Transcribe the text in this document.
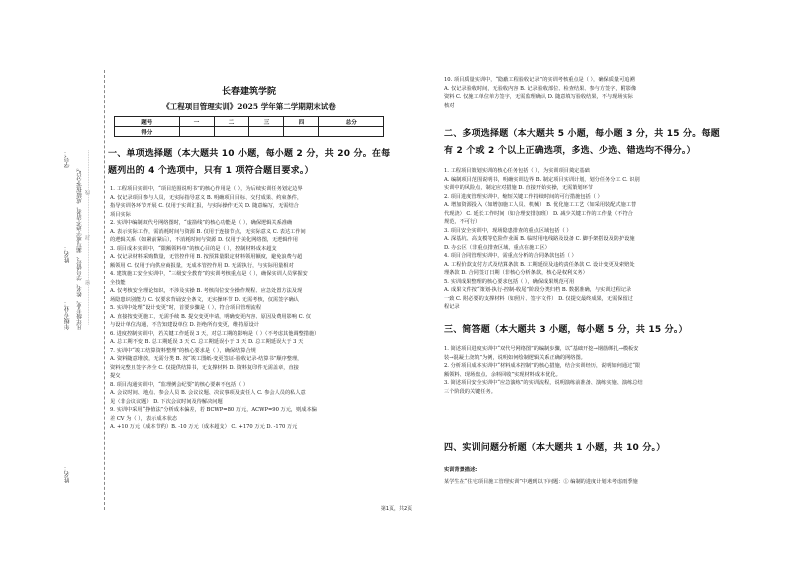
学号：
姓名： 凡年级专业、姓名、学号错写、漏写或字迹不清者，成绩按零分记。 ……………………密……………………封……………………线……………………
年级专业：
姓名：
长春建筑学院
《工程项目管理实训》2025 学年第二学期期末试卷
题号	一	二	三	四	总分
得分					
一、单项选择题（本大题共 10 小题，每小题 2 分，共 20 分。在每
题列出的 4 个选项中，只有 1 项符合题目要求。）

1. 工程项目实训中，“项目范围说明书”的核心作用是（ ），为后续实训任务划定边界

A. 仅记录项目参与人员，无实际指导意义 B. 明确项目目标、交付成果、约束条件，

指导实训各环节开展 C. 仅用于实训汇报，与实际操作无关 D. 随意编写，无需结合

项目实际

2. 实训中编制双代号网络图时，“虚箭线”的核心功能是（ ），确保逻辑关系准确

A. 表示实际工作，需消耗时间与资源 B. 仅用于连接节点，无实际意义 C. 表达工作间

的逻辑关系（如紧前紧后），不消耗时间与资源 D. 仅用于美化网络图，无逻辑作用

3. 项目成本实训中，“限额领料单”的核心目的是（ ），控制材料成本超支

A. 仅记录材料采购数量，无管控作用 B. 按预算量限定材料领用额度，避免浪费与超

额领用 C. 仅用于向供应商报量，无成本管控作用 D. 无需执行，与实际用量相对

4. 建筑施工安全实训中，“三级安全教育”的实训考核重点是（ ），确保实训人员掌握安

全技能

A. 仅考核安全理论知识，不涉及实操 B. 考核岗位安全操作规程、应急处置方法及现

场隐患识别能力 C. 仅要求背诵安全条文，无实操环节 D. 无需考核，仅需签字确认

5. 实训中处理“设计变更”时，首要步骤是（ ），符合项目管理流程

A. 直接按变更施工，无需手续 B. 提交变更申请，明确变更内容、原因及费用影响 C. 仅

与设计单位沟通，不告知建设单位 D. 拒绝所有变更，维持原设计

6. 进度控制实训中，若关键工作延误 3 天，对总工期的影响是（ ）（不考虑其他调整措施）

A. 总工期不变 B. 总工期延误 3 天 C. 总工期延误小于 3 天 D. 总工期延误大于 3 天

7. 实训中“竣工结算资料整理”的核心要求是（ ），确保结算合规

A. 资料随意堆放，无需分类 B. 按“竣工图纸-变更签证-验收记录-结算书”顺序整理，

资料完整且签字齐全 C. 仅提供结算书，无支撑材料 D. 资料复印件无需盖章，直接

提交

8. 项目沟通实训中，“监理例会纪要”的核心要素不包括（ ）

A. 会议时间、地点、参会人员 B. 会议议题、决议事项及责任人 C. 参会人员的私人意

见（非会议议题） D. 下次会议时间及待解决问题

9. 实训中采用“挣值法”分析成本偏差，若 BCWP=80 万元，ACWP=90 万元，则成本偏

差 CV 为（ ），表示成本状态

A. +10 万元（成本节约）B. -10 万元（成本超支） C. +170 万元 D. -170 万元

10. 项目质量实训中，“隐蔽工程验收记录”的实训考核重点是（ ），确保质量可追溯

A. 仅记录验收时间，无验收内容 B. 记录验收部位、检查结果、参与方签字，附影像

资料 C. 仅施工单位单方签字，无需监理确认 D. 随意填写验收结果，不与现场实际

核对

二、多项选择题（本大题共 5 小题，每小题 3 分，共 15 分。每题
有 2 个或 2 个以上正确选项，多选、少选、错选均不得分。）

1. 工程项目策划实训的核心任务包括（ ），为实训项目奠定基础

A. 编制项目范围说明书，明确实训边界 B. 制定项目实训计划，划分任务分工 C. 识别

实训中的风险点，制定应对措施 D. 直接开始实操，无需策划环节

2. 项目进度管理实训中，缩短关键工作持续时间的可行措施包括（ ）

A. 增加资源投入（如增加施工人员、机械） B. 优化施工工艺（如采用装配式施工替

代现浇） C. 延长工作时间（如合理安排加班） D. 减少关键工作的工作量（不符合

规范，不可行）

3. 项目安全实训中，现场隐患排查的重点区域包括（ ）

A. 深基坑、高支模等危险作业面 B. 临时用电线路及设备 C. 脚手架搭设及防护设施

D. 办公区（非重点排查区域，重点在施工区）

4. 项目合同管理实训中，需重点分析的合同条款包括（ ）

A. 工程价款支付方式及结算条款 B. 工期延误及违约责任条款 C. 设计变更及索赔处

理条款 D. 合同签订日期（非核心分析条款，核心是权利义务）

5. 实训成果整理的核心要求包括（ ），确保成果规范可用

A. 成果文件按“策划-执行-控制-收尾”阶段分类归档 B. 数据准确，与实训过程记录

一致 C. 附必要的支撑材料（如照片、签字文件） D. 仅提交最终成果，无需保留过

程记录

三、简答题（本大题共 3 小题，每小题 5 分，共 15 分。）

1. 简述项目进度实训中“双代号网络图”的编制步骤，以“基础开挖→钢筋绑扎→模板安

装→混凝土浇筑”为例，说明如何绘制逻辑关系正确的网络图。

2. 分析项目成本实训中“材料成本控制”的核心措施，结合实训经历，说明如何通过“限

额领料、现场盘点、余料回收”实现材料成本优化。

3. 简述项目安全实训中“应急演练”的实训流程，说明演练前准备、演练实施、演练总结

三个阶段的关键任务。

四、实训问题分析题（本大题共 1 小题，共 10 分。）

实训背景描述:

某学生在“住宅项目施工管理实训”中遇到以下问题：① 编制的进度计划未考虑雨季施

第1页，共2页
